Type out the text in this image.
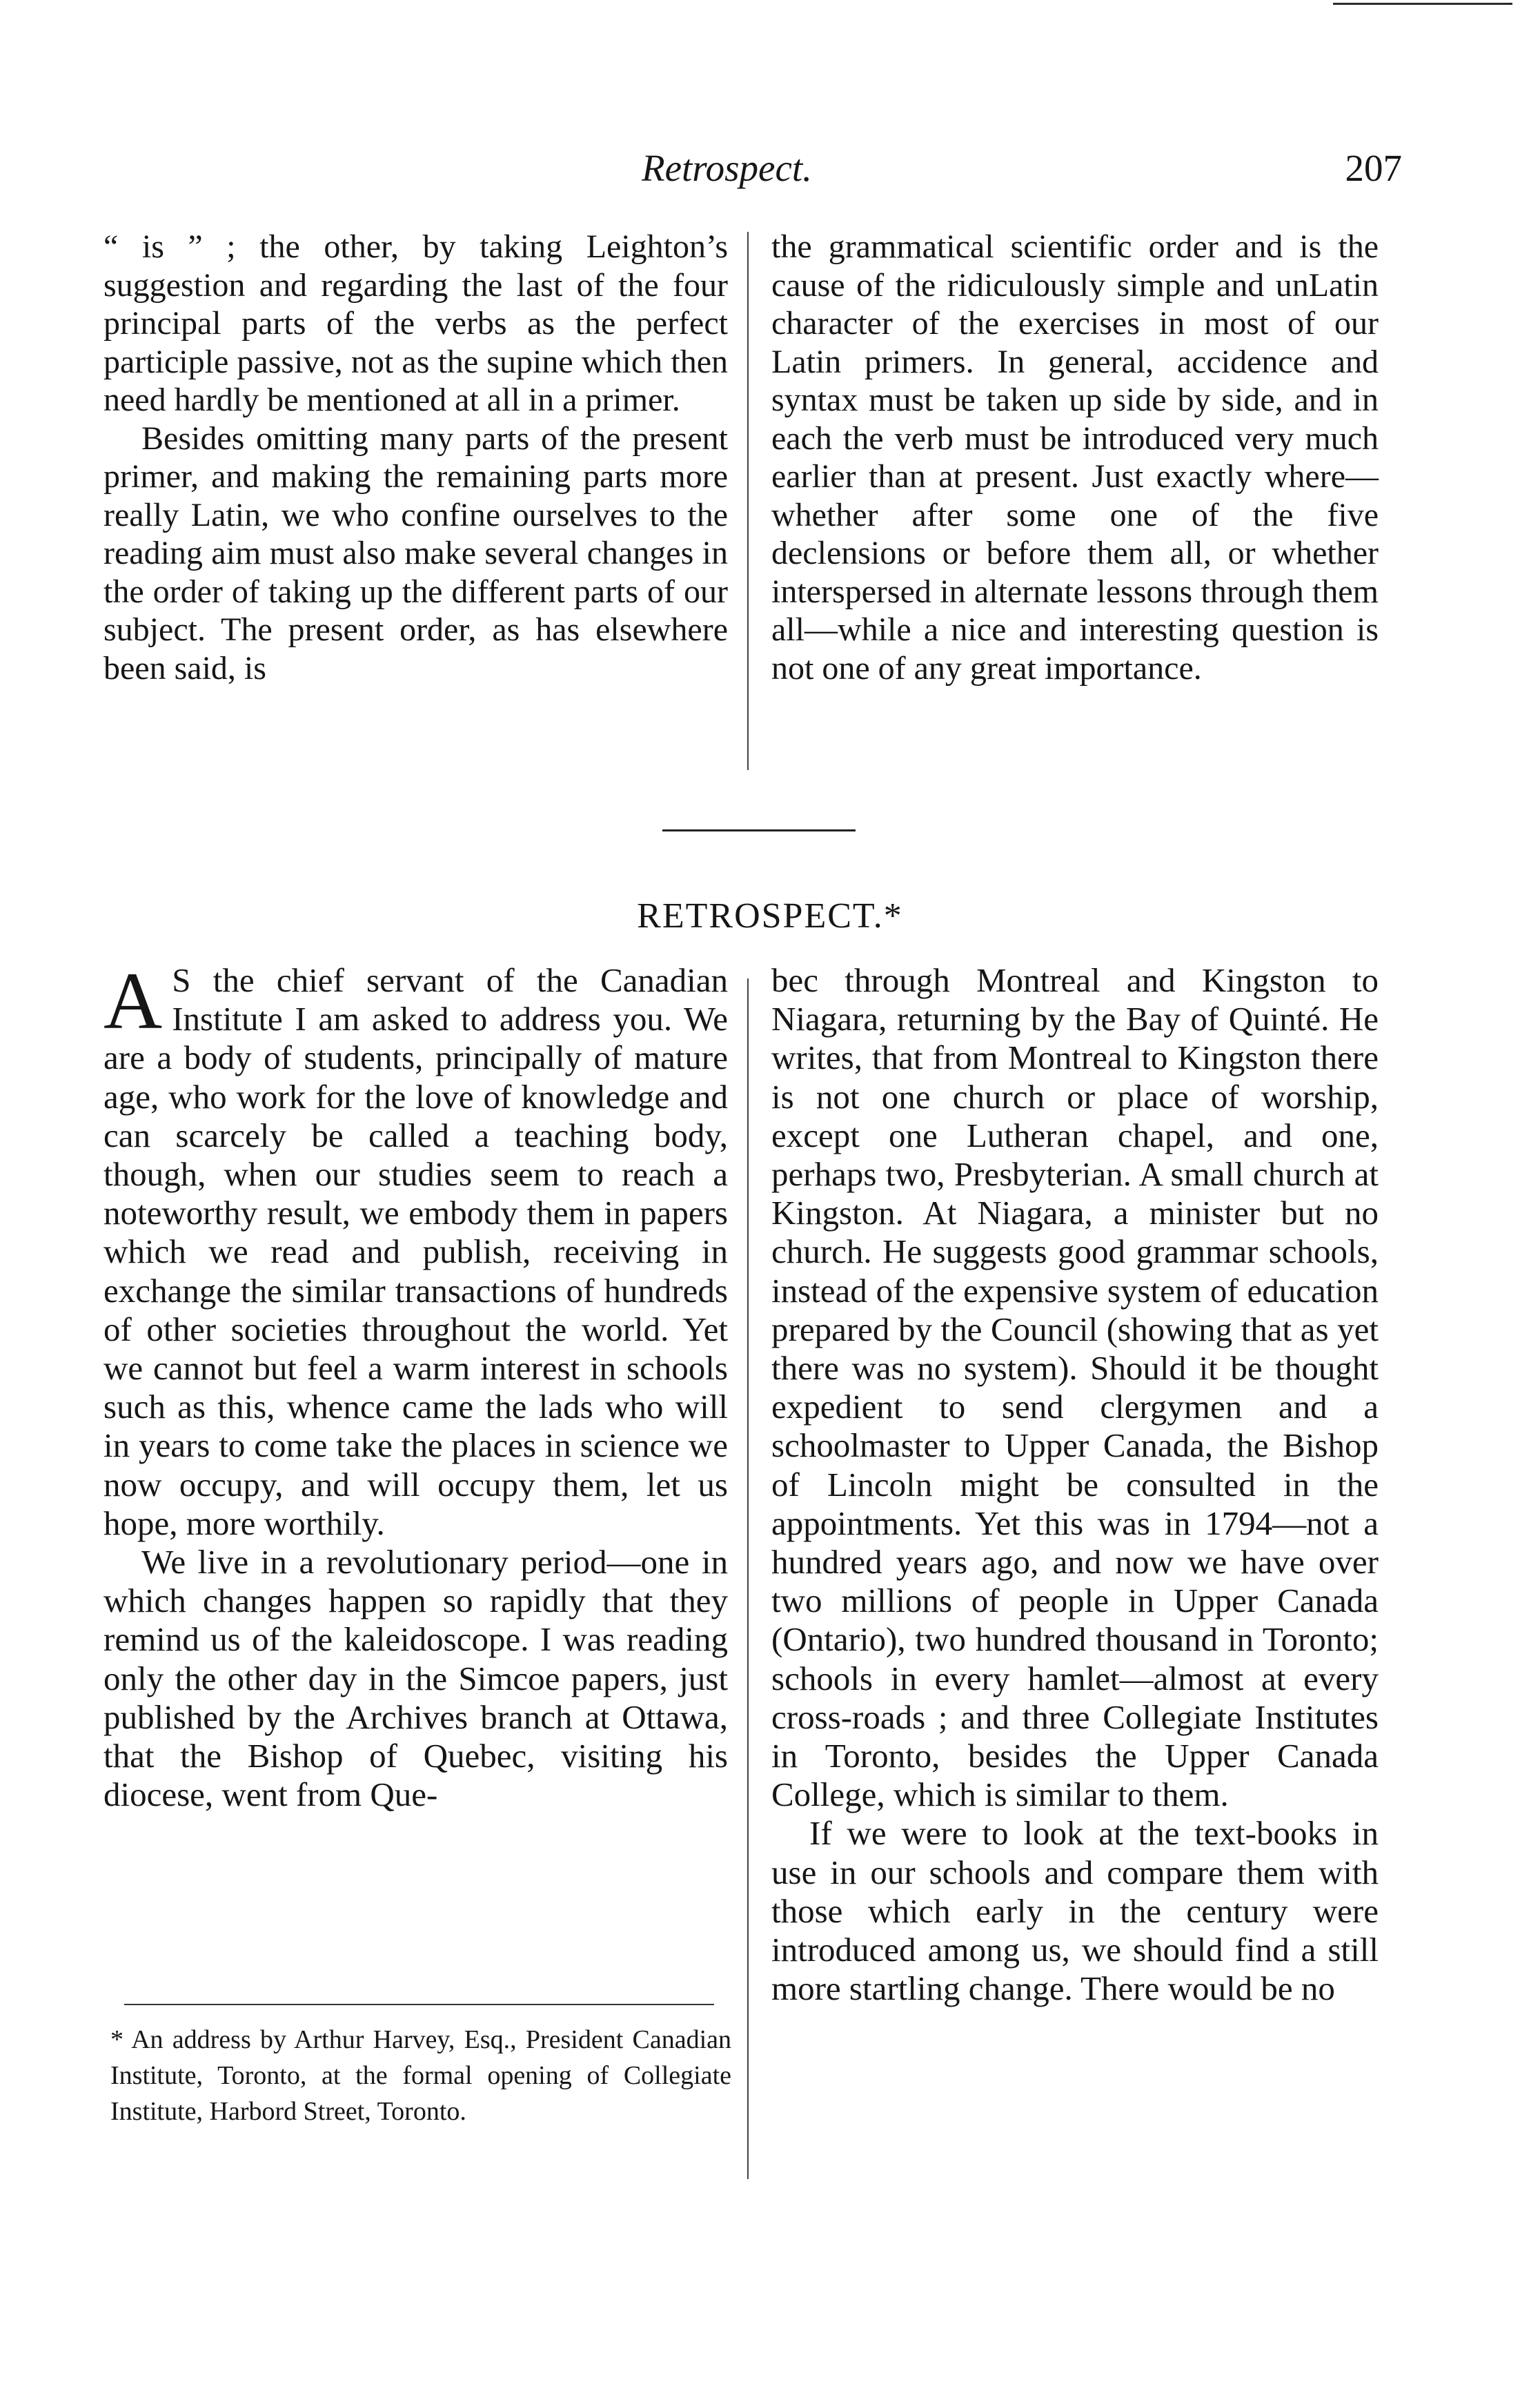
Retrospect.	207

“ is ” ; the other, by taking Leighton’s suggestion and regarding the last of the four principal parts of the verbs as the perfect participle passive, not as the supine which then need hardly be mentioned at all in a primer.

Besides omitting many parts of the present primer, and making the remaining parts more really Latin, we who confine ourselves to the reading aim must also make several changes in the order of taking up the different parts of our subject. The present order, as has elsewhere been said, is

the grammatical scientific order and is the cause of the ridiculously simple and unLatin character of the exercises in most of our Latin primers. In general, accidence and syntax must be taken up side by side, and in each the verb must be introduced very much earlier than at present. Just exactly where—whether after some one of the five declensions or before them all, or whether interspersed in alternate lessons through them all—while a nice and interesting question is not one of any great importance.

RETROSPECT.*

A S the chief servant of the Canadian Institute I am asked to address you. We are a body of students, principally of mature age, who work for the love of knowledge and can scarcely be called a teaching body, though, when our studies seem to reach a noteworthy result, we embody them in papers which we read and publish, receiving in exchange the similar transactions of hundreds of other societies throughout the world. Yet we cannot but feel a warm interest in schools such as this, whence came the lads who will in years to come take the places in science we now occupy, and will occupy them, let us hope, more worthily.

We live in a revolutionary period—one in which changes happen so rapidly that they remind us of the kaleidoscope. I was reading only the other day in the Simcoe papers, just published by the Archives branch at Ottawa, that the Bishop of Quebec, visiting his diocese, went from Que-

bec through Montreal and Kingston to Niagara, returning by the Bay of Quinté. He writes, that from Montreal to Kingston there is not one church or place of worship, except one Lutheran chapel, and one, perhaps two, Presbyterian. A small church at Kingston. At Niagara, a minister but no church. He suggests good grammar schools, instead of the expensive system of education prepared by the Council (showing that as yet there was no system). Should it be thought expedient to send clergymen and a schoolmaster to Upper Canada, the Bishop of Lincoln might be consulted in the appointments. Yet this was in 1794—not a hundred years ago, and now we have over two millions of people in Upper Canada (Ontario), two hundred thousand in Toronto; schools in every hamlet—almost at every cross-roads ; and three Collegiate Institutes in Toronto, besides the Upper Canada College, which is similar to them.

If we were to look at the text-books in use in our schools and compare them with those which early in the century were introduced among us, we should find a still more startling change. There would be no

* An address by Arthur Harvey, Esq., President Canadian Institute, Toronto, at the formal opening of Collegiate Institute, Harbord Street, Toronto.
